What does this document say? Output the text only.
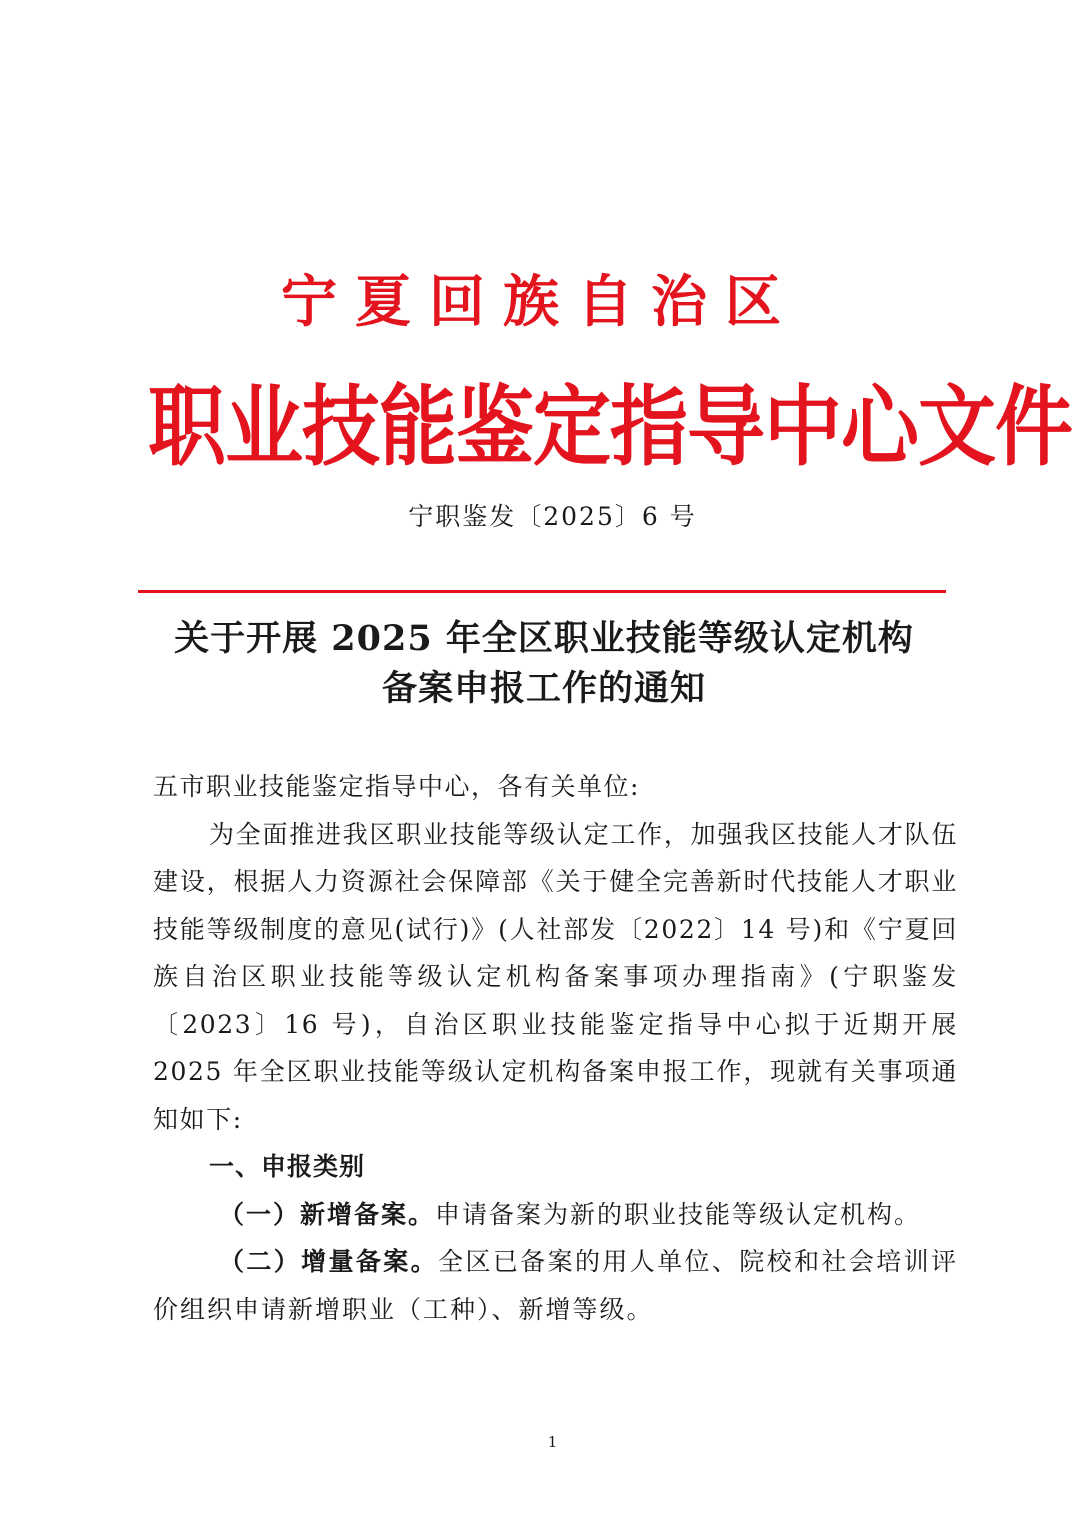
宁夏回族自治区
职业技能鉴定指导中心文件
宁职鉴发〔2025〕6 号
关于开展 2025 年全区职业技能等级认定机构
备案申报工作的通知

五市职业技能鉴定指导中心，各有关单位:

为全面推进我区职业技能等级认定工作，加强我区技能人才队伍建设，根据人力资源社会保障部《关于健全完善新时代技能人才职业技能等级制度的意见(试行)》(人社部发〔2022〕14 号)和《宁夏回族自治区职业技能等级认定机构备案事项办理指南》(宁职鉴发〔2023〕16 号)，自治区职业技能鉴定指导中心拟于近期开展 2025 年全区职业技能等级认定机构备案申报工作，现就有关事项通知如下:

一、申报类别

（一）新增备案。申请备案为新的职业技能等级认定机构。

（二）增量备案。全区已备案的用人单位、院校和社会培训评价组织申请新增职业（工种）、新增等级。

1
